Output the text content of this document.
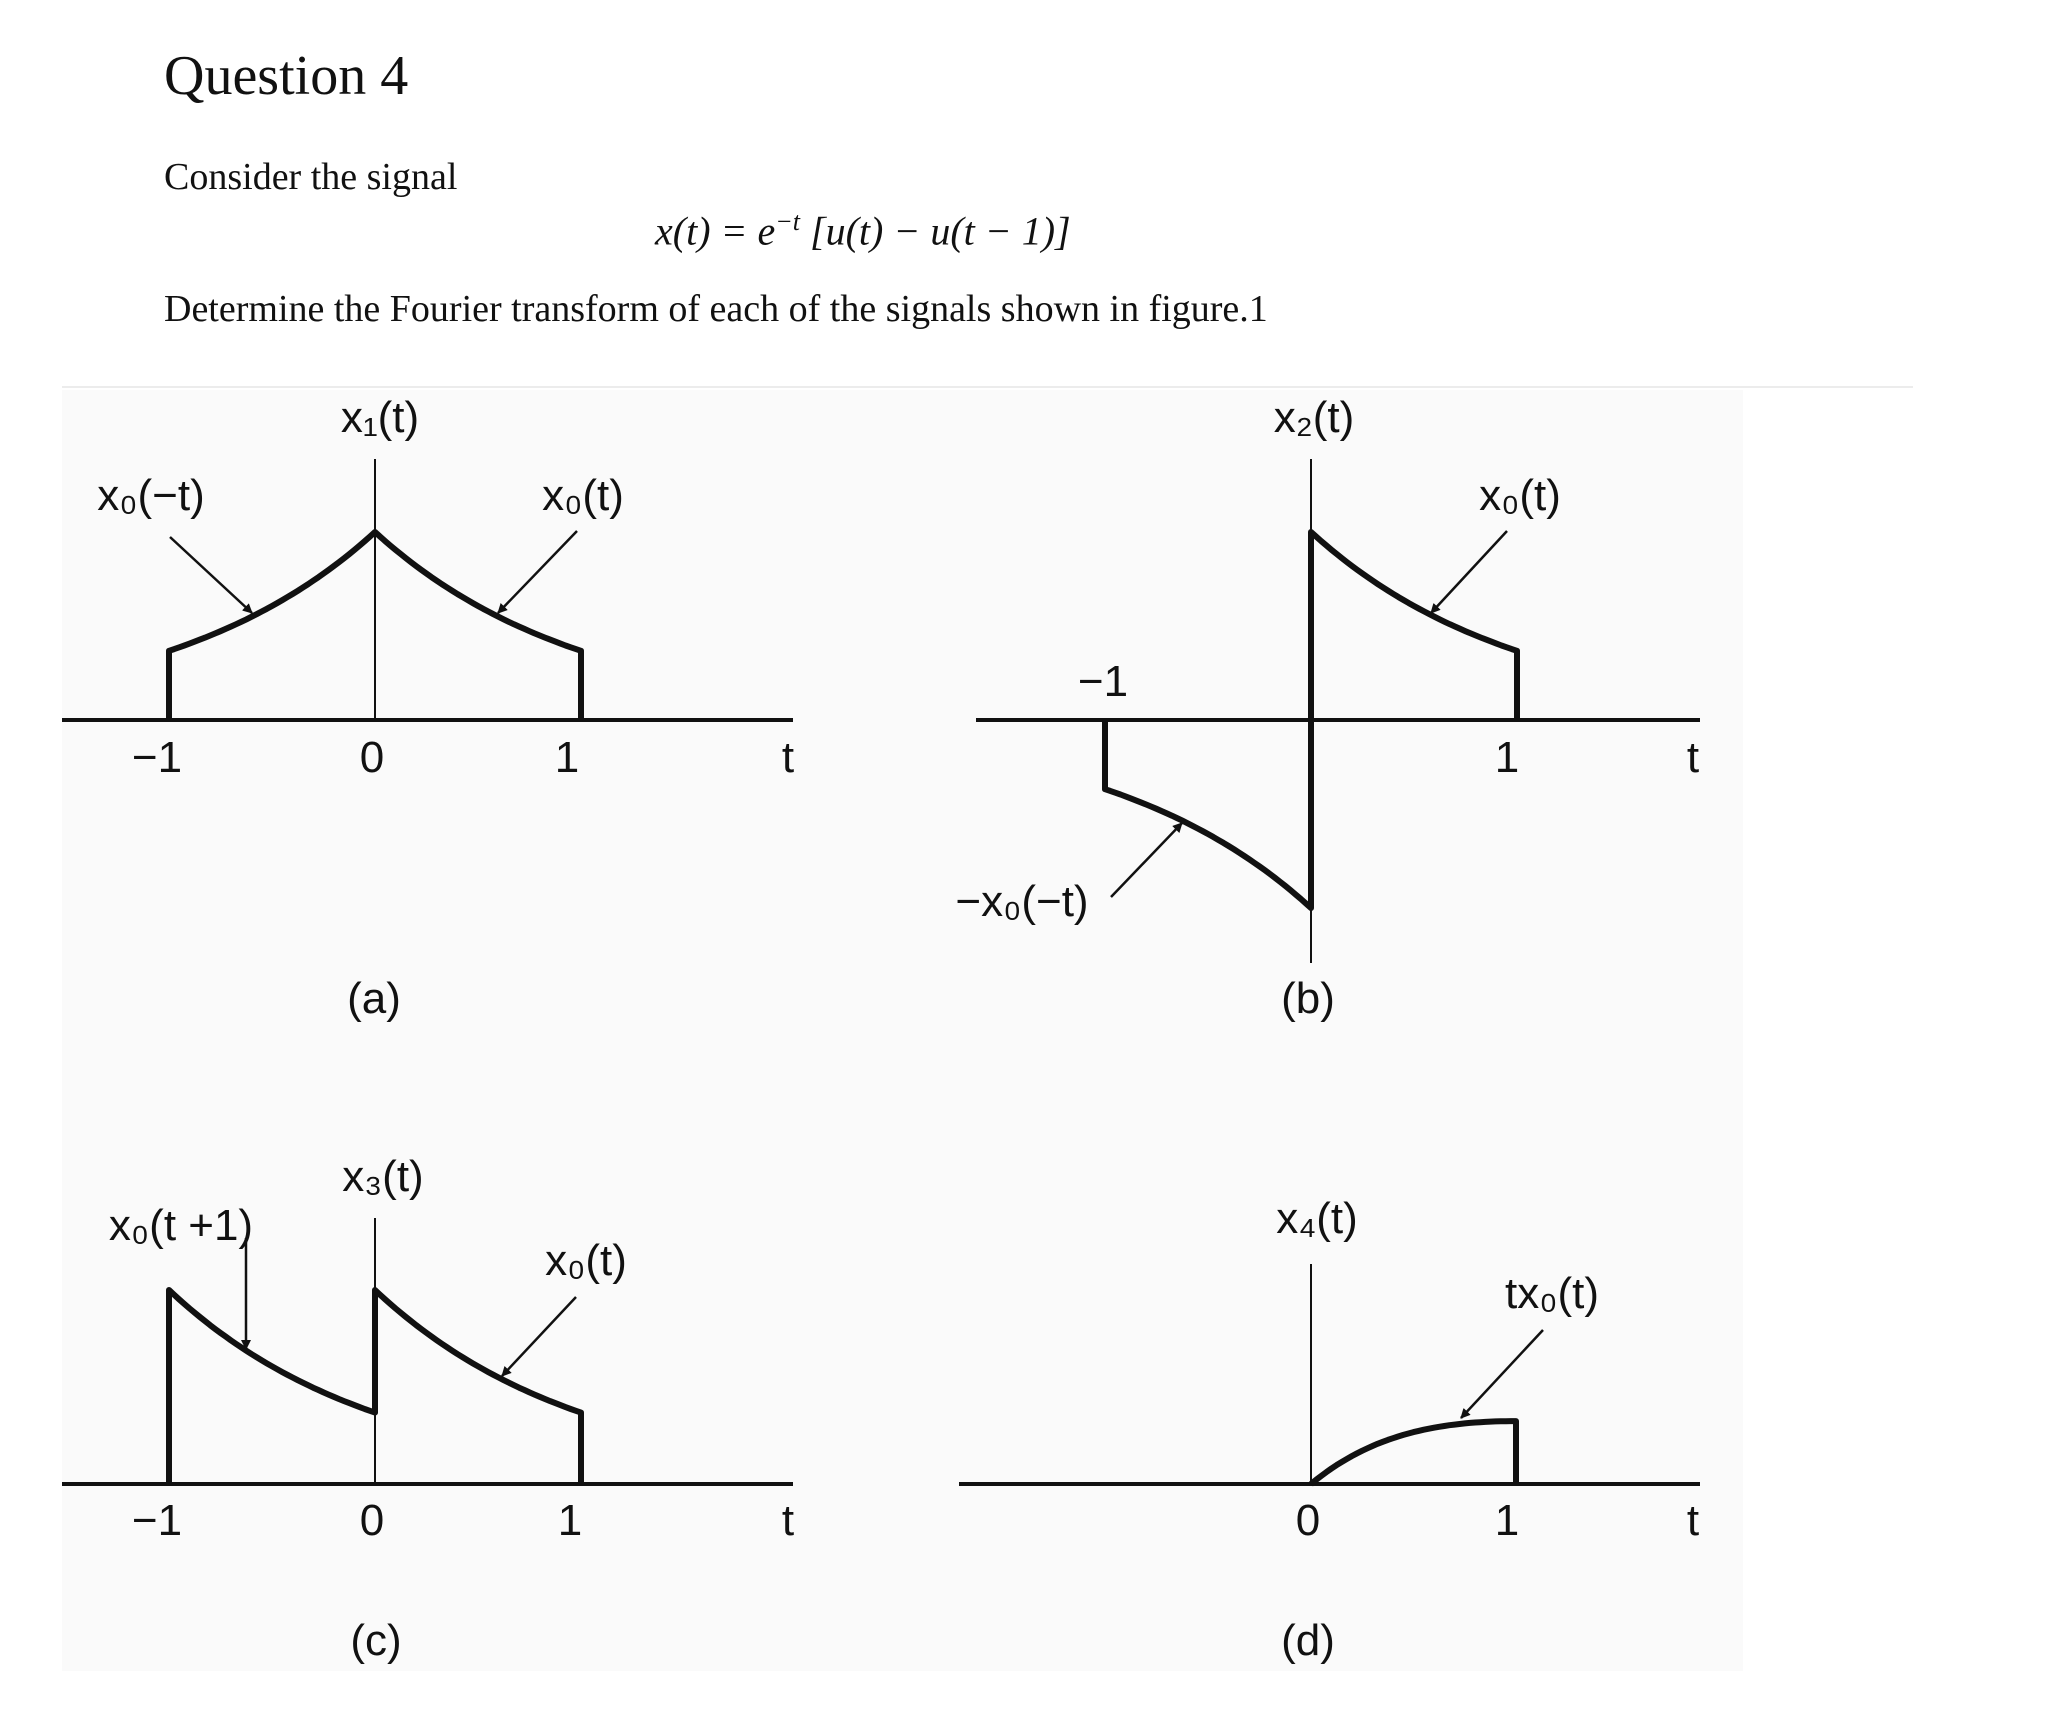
Question 4
Consider the signal
$x(t) = e^{-t}$ [u(t) − u(t − 1)]
Determine the Fourier transform of each of the signals shown in figure.1
x₁(t)
x₀(−t)	x₀(t)
−1	0	1	t
(a)
x₂(t)
x₀(t)
−x₀(−t)
−1
1	t
(b)
x₃(t)
x₀(t +1)
x₀(t)
−1	0	1	t
(c)
x₄(t)
tx₀(t)
0	1	t
(d)
